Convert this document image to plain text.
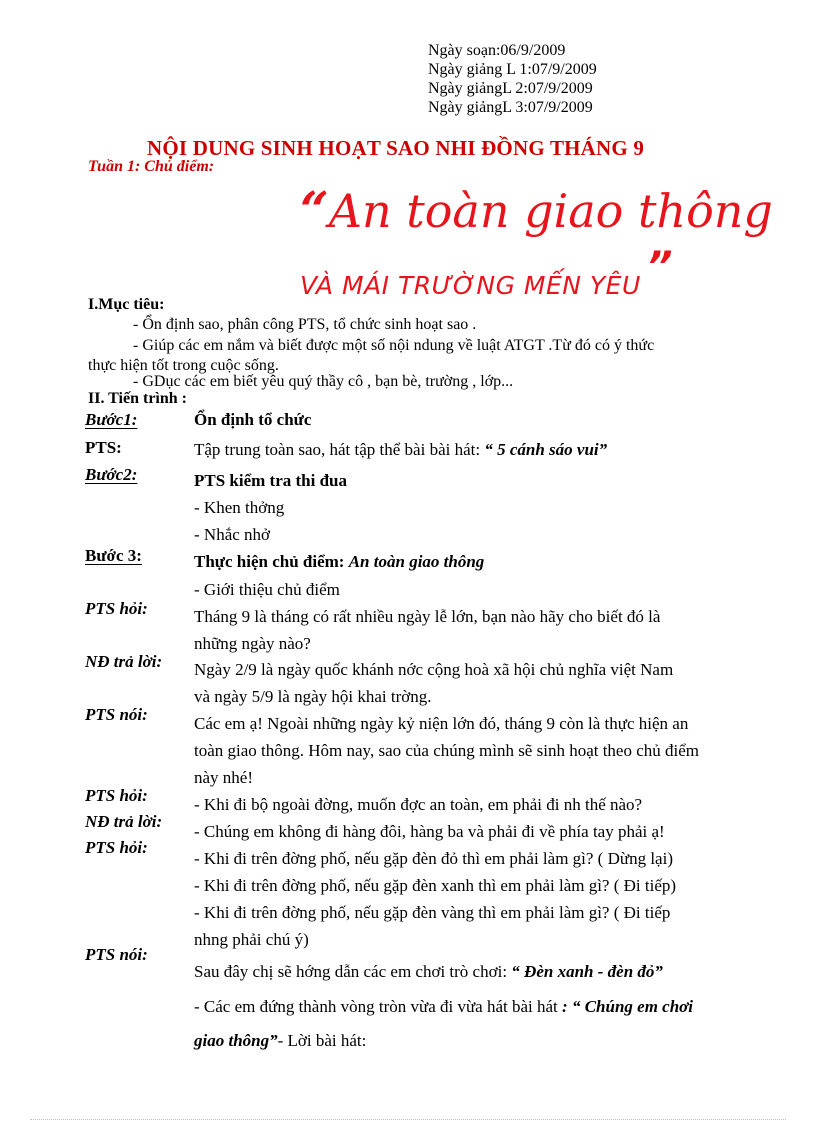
Ngày soạn:06/9/2009
Ngày giảng L 1:07/9/2009
Ngày giảngL 2:07/9/2009
Ngày giảngL 3:07/9/2009
NỘI DUNG SINH HOẠT SAO NHI ĐỒNG THÁNG 9
Tuần 1: Chủ điểm:
“An toàn giao thông
VÀ MÁI TRƯỜNG MẾN YÊU ”
I.Mục tiêu:
- Ổn định sao, phân công PTS, tổ chức sinh hoạt sao .
- Giúp các em nắm và biết được một số nội ndung về luật ATGT .Từ đó có ý thức
thực hiện tốt trong cuộc sống.
- GDục các em biết yêu quý thầy cô , bạn bè, trường , lớp...
II. Tiến trình :
Bước1:
PTS:
Bước2:
Bước 3:
PTS hỏi:
NĐ trả lời:
PTS nói:
PTS hỏi:
NĐ trả lời:
PTS hỏi:
PTS nói:
Ổn định tổ chức
Tập trung toàn sao, hát tập thể bài bài hát: “ 5 cánh sáo vui”
PTS kiểm tra thi đua
- Khen thởng
- Nhắc nhở
Thực hiện chủ điểm: An toàn giao thông
- Giới thiệu chủ điểm
Tháng 9 là tháng có rất nhiều ngày lễ lớn, bạn nào hãy cho biết đó là
những ngày nào?
Ngày 2/9 là ngày quốc khánh nớc cộng hoà xã hội chủ nghĩa việt Nam
và ngày 5/9 là ngày hội khai trờng.
Các em ạ! Ngoài những ngày kỷ niện lớn đó, tháng 9 còn là thực hiện an
toàn giao thông. Hôm nay, sao của chúng mình sẽ sinh hoạt theo chủ điểm
này nhé!
- Khi đi bộ ngoài đờng, muốn đợc an toàn, em phải đi nh thế nào?
- Chúng em không đi hàng đôi, hàng ba và phải đi về phía tay phải ạ!
- Khi đi trên đờng phố, nếu gặp đèn đỏ thì em phải làm gì? ( Dừng lại)
- Khi đi trên đờng phố, nếu gặp đèn xanh thì em phải làm gì? ( Đi tiếp)
- Khi đi trên đờng phố, nếu gặp đèn vàng thì em phải làm gì? ( Đi tiếp
nhng phải chú ý)
Sau đây chị sẽ hớng dẫn các em chơi trò chơi: “ Đèn xanh - đèn đỏ”
- Các em đứng thành vòng tròn vừa đi vừa hát bài hát : “ Chúng em chơi
giao thông”- Lời bài hát:
